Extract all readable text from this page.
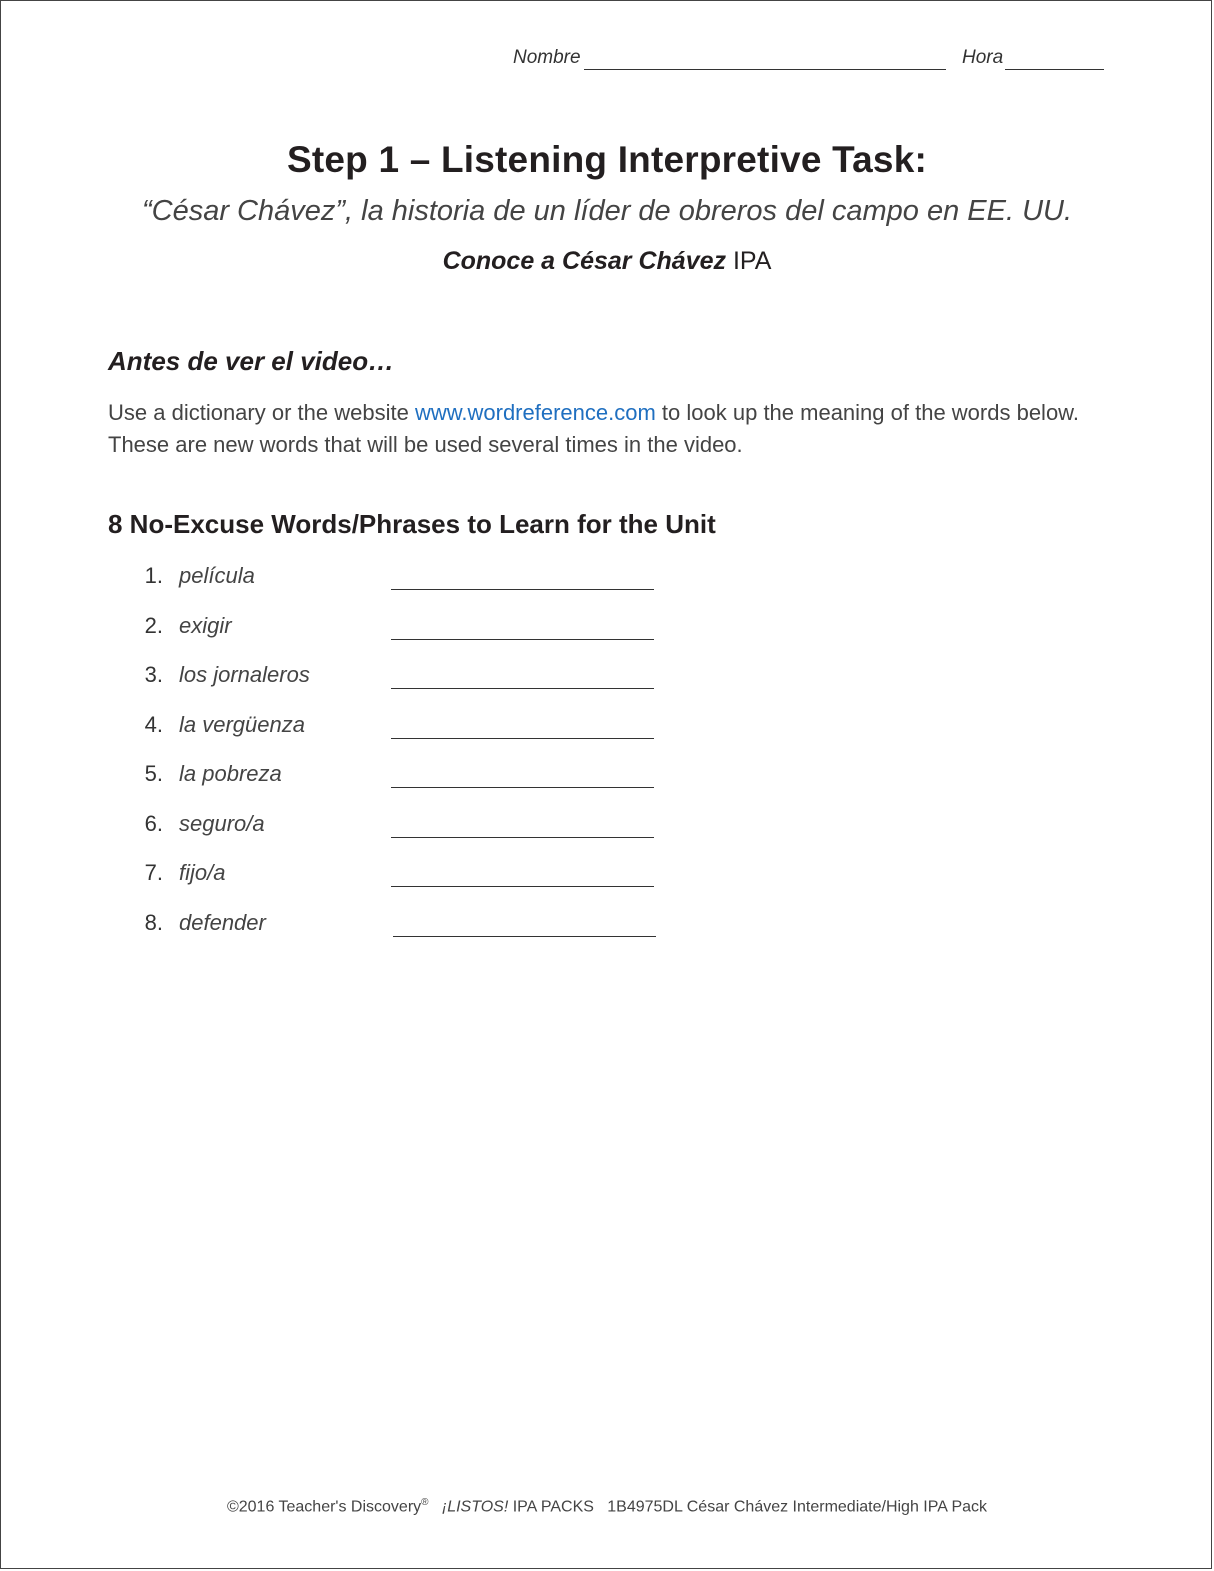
Nombre	Hora
Step 1 – Listening Interpretive Task:
“César Chávez”, la historia de un líder de obreros del campo en EE. UU.
Conoce a César Chávez IPA
Antes de ver el video…
Use a dictionary or the website www.wordreference.com to look up the meaning of the words below. These are new words that will be used several times in the video.
8 No-Excuse Words/Phrases to Learn for the Unit
1. película
2. exigir
3. los jornaleros
4. la vergüenza
5. la pobreza
6. seguro/a
7. fijo/a
8. defender
©2016 Teacher's Discovery® ¡LISTOS! IPA PACKS   1B4975DL César Chávez Intermediate/High IPA Pack
